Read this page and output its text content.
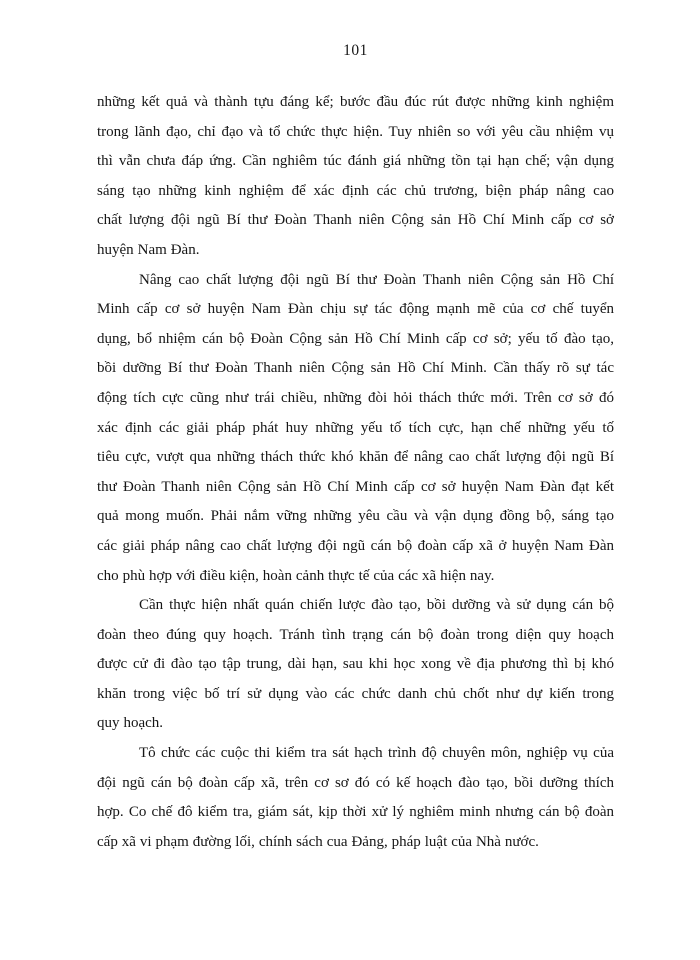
101
những kết quả và thành tựu đáng kể; bước đầu đúc rút được những kinh nghiệm
trong lãnh đạo, chỉ đạo và tổ chức thực hiện. Tuy nhiên so với yêu cầu nhiệm vụ
thì vẫn chưa đáp ứng. Cần nghiêm túc đánh giá những tồn tại hạn chế; vận dụng
sáng tạo những kinh nghiệm để xác định các chủ trương, biện pháp nâng cao
chất lượng đội ngũ Bí thư Đoàn Thanh niên Cộng sản Hồ Chí Minh cấp cơ sở
huyện Nam Đàn.
Nâng cao chất lượng đội ngũ Bí thư Đoàn Thanh niên Cộng sản Hồ Chí
Minh cấp cơ sở huyện Nam Đàn chịu sự tác động mạnh mẽ của cơ chế tuyển
dụng, bổ nhiệm cán bộ Đoàn Cộng sản Hồ Chí Minh cấp cơ sở; yếu tố đào tạo,
bồi dưỡng Bí thư Đoàn Thanh niên Cộng sản Hồ Chí Minh. Cần thấy rõ sự tác
động tích cực cũng như trái chiều, những đòi hỏi thách thức mới. Trên cơ sở đó
xác định các giải pháp phát huy những yếu tố tích cực, hạn chế những yếu tố
tiêu cực, vượt qua những thách thức khó khăn để nâng cao chất lượng đội ngũ Bí
thư Đoàn Thanh niên Cộng sản Hồ Chí Minh cấp cơ sở huyện Nam Đàn đạt kết
quả mong muốn. Phải nắm vững những yêu cầu và vận dụng đồng bộ, sáng tạo
các giải pháp nâng cao chất lượng đội ngũ cán bộ đoàn cấp xã ở huyện Nam Đàn
cho phù hợp với điều kiện, hoàn cảnh thực tế của các xã hiện nay.
Cần thực hiện nhất quán chiến lược đào tạo, bồi dưỡng và sử dụng cán bộ
đoàn theo đúng quy hoạch. Tránh tình trạng cán bộ đoàn trong diện quy hoạch
được cử đi đào tạo tập trung, dài hạn, sau khi học xong về địa phương thì bị khó
khăn trong việc bố trí sử dụng vào các chức danh chủ chốt như dự kiến trong
quy hoạch.
Tô chức các cuộc thi kiểm tra sát hạch trình độ chuyên môn, nghiệp vụ của
đội ngũ cán bộ đoàn cấp xã, trên cơ sơ đó có kế hoạch đào tạo, bồi dưỡng thích
hợp. Co chế đô kiểm tra, giám sát, kịp thời xử lý nghiêm minh nhưng cán bộ đoàn
cấp xã vi phạm đường lối, chính sách cua Đảng, pháp luật của Nhà nước.
